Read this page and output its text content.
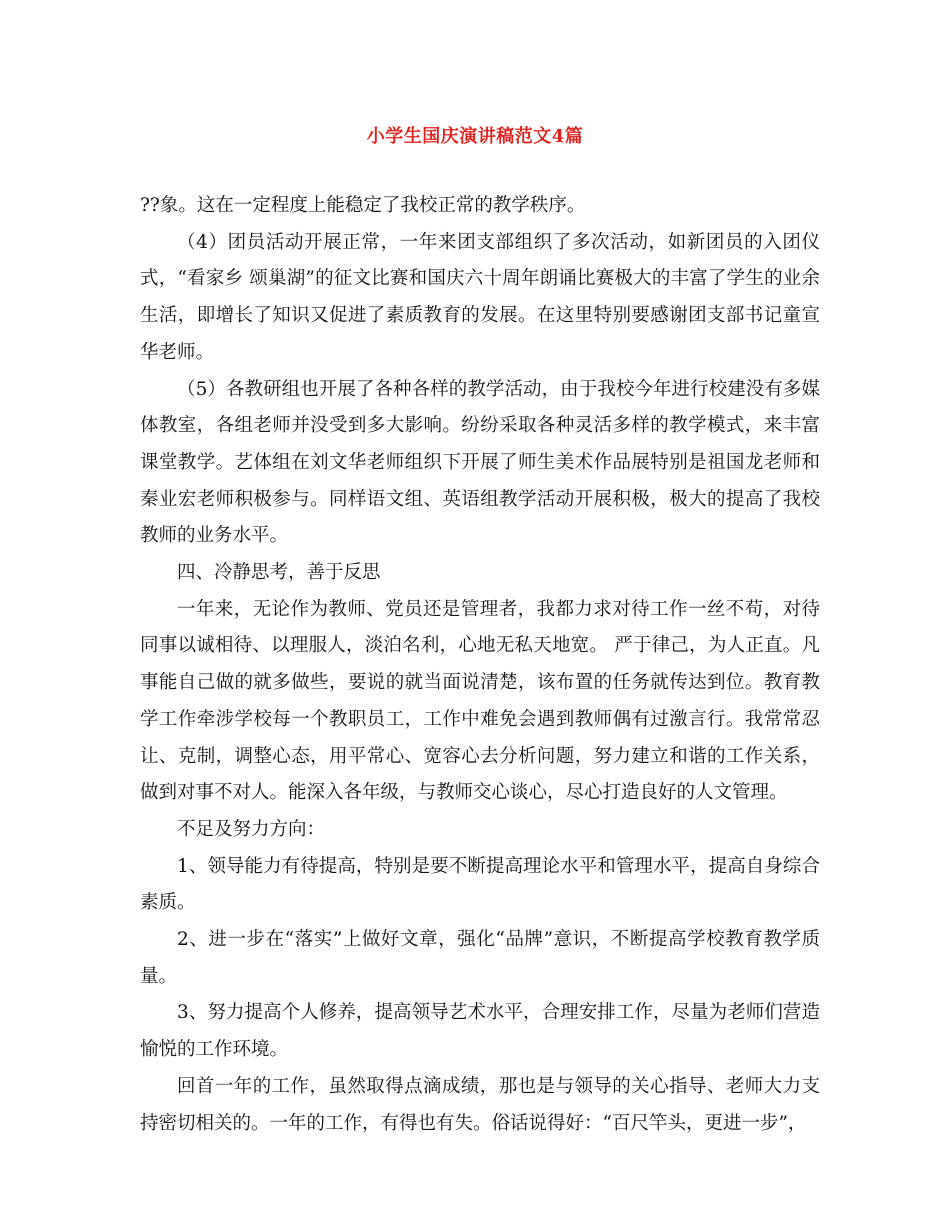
小学生国庆演讲稿范文4篇

??象。这在一定程度上能稳定了我校正常的教学秩序。

（4）团员活动开展正常，一年来团支部组织了多次活动，如新团员的入团仪式，“看家乡 颂巢湖”的征文比赛和国庆六十周年朗诵比赛极大的丰富了学生的业余生活，即增长了知识又促进了素质教育的发展。在这里特别要感谢团支部书记童宣华老师。

（5）各教研组也开展了各种各样的教学活动，由于我校今年进行校建没有多媒体教室，各组老师并没受到多大影响。纷纷采取各种灵活多样的教学模式，来丰富课堂教学。艺体组在刘文华老师组织下开展了师生美术作品展特别是祖国龙老师和秦业宏老师积极参与。同样语文组、英语组教学活动开展积极，极大的提高了我校教师的业务水平。

四、冷静思考，善于反思

一年来，无论作为教师、党员还是管理者，我都力求对待工作一丝不苟，对待同事以诚相待、以理服人，淡泊名利，心地无私天地宽。 严于律己，为人正直。凡事能自己做的就多做些，要说的就当面说清楚，该布置的任务就传达到位。教育教学工作牵涉学校每一个教职员工，工作中难免会遇到教师偶有过激言行。我常常忍让、克制，调整心态，用平常心、宽容心去分析问题，努力建立和谐的工作关系，做到对事不对人。能深入各年级，与教师交心谈心，尽心打造良好的人文管理。

不足及努力方向：

1、领导能力有待提高，特别是要不断提高理论水平和管理水平，提高自身综合素质。

2、进一步在“落实”上做好文章，强化“品牌”意识，不断提高学校教育教学质量。

3、努力提高个人修养，提高领导艺术水平，合理安排工作，尽量为老师们营造愉悦的工作环境。

回首一年的工作，虽然取得点滴成绩，那也是与领导的关心指导、老师大力支持密切相关的。一年的工作，有得也有失。俗话说得好：“百尺竿头，更进一步”，
